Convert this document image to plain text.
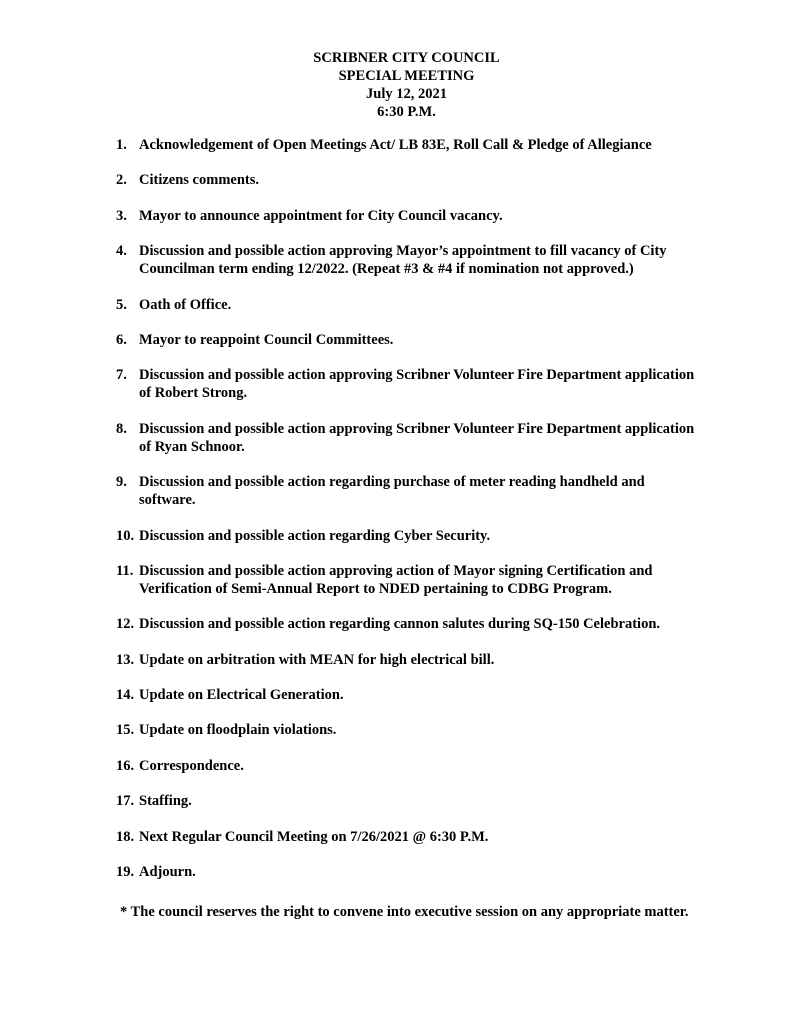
SCRIBNER CITY COUNCIL
SPECIAL MEETING
July 12, 2021
6:30 P.M.
1. Acknowledgement of Open Meetings Act/ LB 83E, Roll Call & Pledge of Allegiance
2. Citizens comments.
3. Mayor to announce appointment for City Council vacancy.
4. Discussion and possible action approving Mayor’s appointment to fill vacancy of City
Councilman term ending 12/2022. (Repeat #3 & #4 if nomination not approved.)
5. Oath of Office.
6. Mayor to reappoint Council Committees.
7. Discussion and possible action approving Scribner Volunteer Fire Department application
of Robert Strong.
8. Discussion and possible action approving Scribner Volunteer Fire Department application
of Ryan Schnoor.
9. Discussion and possible action regarding purchase of meter reading handheld and
software.
10. Discussion and possible action regarding Cyber Security.
11. Discussion and possible action approving action of Mayor signing Certification and
Verification of Semi-Annual Report to NDED pertaining to CDBG Program.
12. Discussion and possible action regarding cannon salutes during SQ-150 Celebration.
13. Update on arbitration with MEAN for high electrical bill.
14. Update on Electrical Generation.
15. Update on floodplain violations.
16. Correspondence.
17. Staffing.
18. Next Regular Council Meeting on 7/26/2021 @ 6:30 P.M.
19. Adjourn.
* The council reserves the right to convene into executive session on any appropriate matter.
